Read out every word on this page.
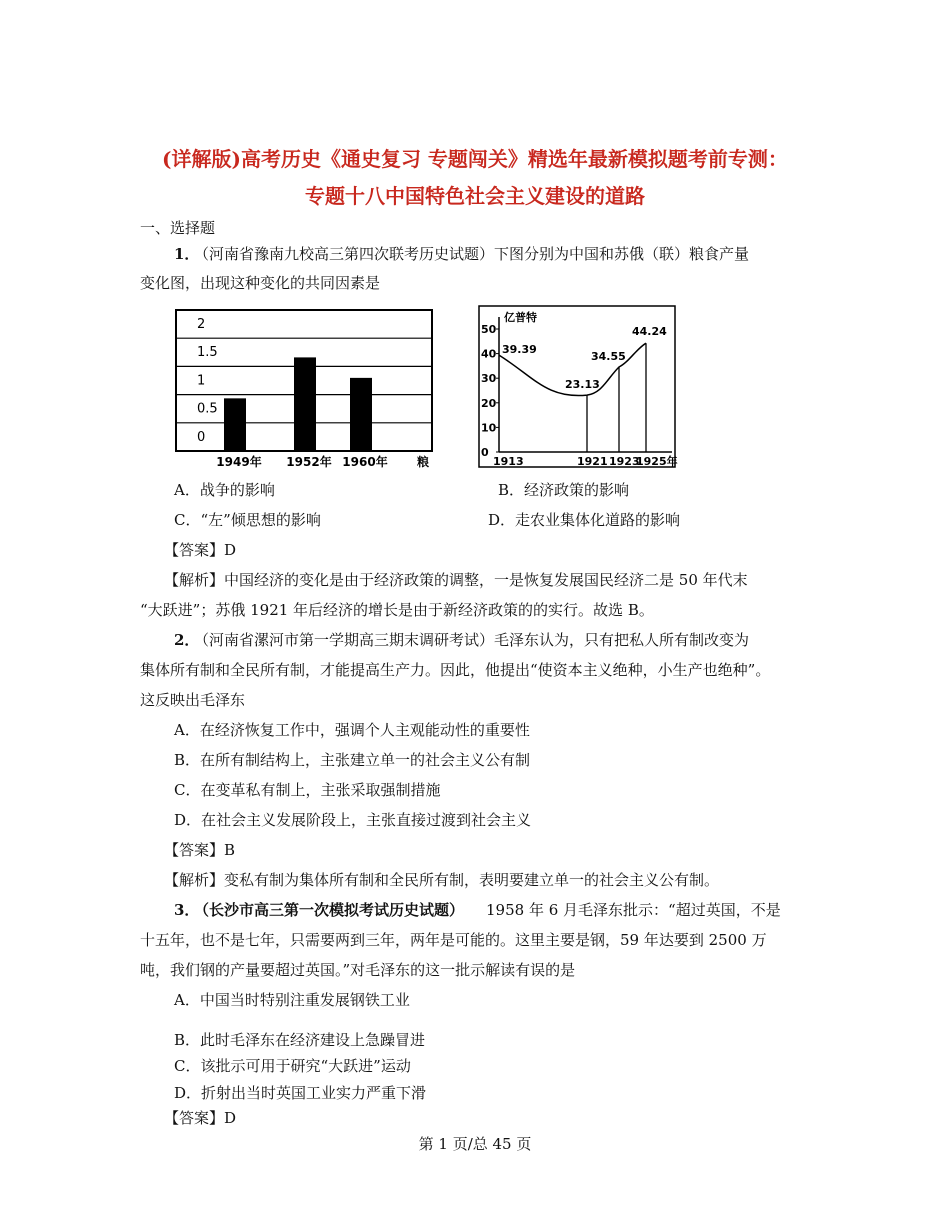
(详解版)高考历史《通史复习 专题闯关》精选年最新模拟题考前专测：
专题十八中国特色社会主义建设的道路
一、选择题
1．
（河南省豫南九校高三第四次联考历史试题）下图分别为中国和苏俄（联）粮食产量
变化图，出现这种变化的共同因素是
2
1.5
1
0.5
0
1949年 1952年 1960年 粮
亿普特
50
40
30
20
10
0
1913	1921 1923
1925年
39.39
23.13
34.55
44.24
A．战争的影响	B．经济政策的影响
C．“左”倾思想的影响	D．走农业集体化道路的影响
【答案】D
【解析】中国经济的变化是由于经济政策的调整，一是恢复发展国民经济二是 50 年代末
“大跃进”；苏俄 1921 年后经济的增长是由于新经济政策的的实行。故选 B。
2．
（河南省漯河市第一学期高三期末调研考试）毛泽东认为，只有把私人所有制改变为
集体所有制和全民所有制，才能提高生产力。因此，他提出“使资本主义绝种，小生产也绝种”。
这反映出毛泽东
A．在经济恢复工作中，强调个人主观能动性的重要性
B．在所有制结构上，主张建立单一的社会主义公有制
C．在变革私有制上，主张采取强制措施
D．在社会主义发展阶段上，主张直接过渡到社会主义
【答案】B
【解析】变私有制为集体所有制和全民所有制，表明要建立单一的社会主义公有制。
3．
（长沙市高三第一次模拟考试历史试题） 1958 年 6 月毛泽东批示：“超过英国，不是
十五年，也不是七年，只需要两到三年，两年是可能的。这里主要是钢，59 年达要到 2500 万
吨，我们钢的产量要超过英国。”对毛泽东的这一批示解读有误的是
A．中国当时特别注重发展钢铁工业
B．此时毛泽东在经济建设上急躁冒进
C．该批示可用于研究“大跃进”运动
D．折射出当时英国工业实力严重下滑
【答案】D
第 1 页/总 45 页
